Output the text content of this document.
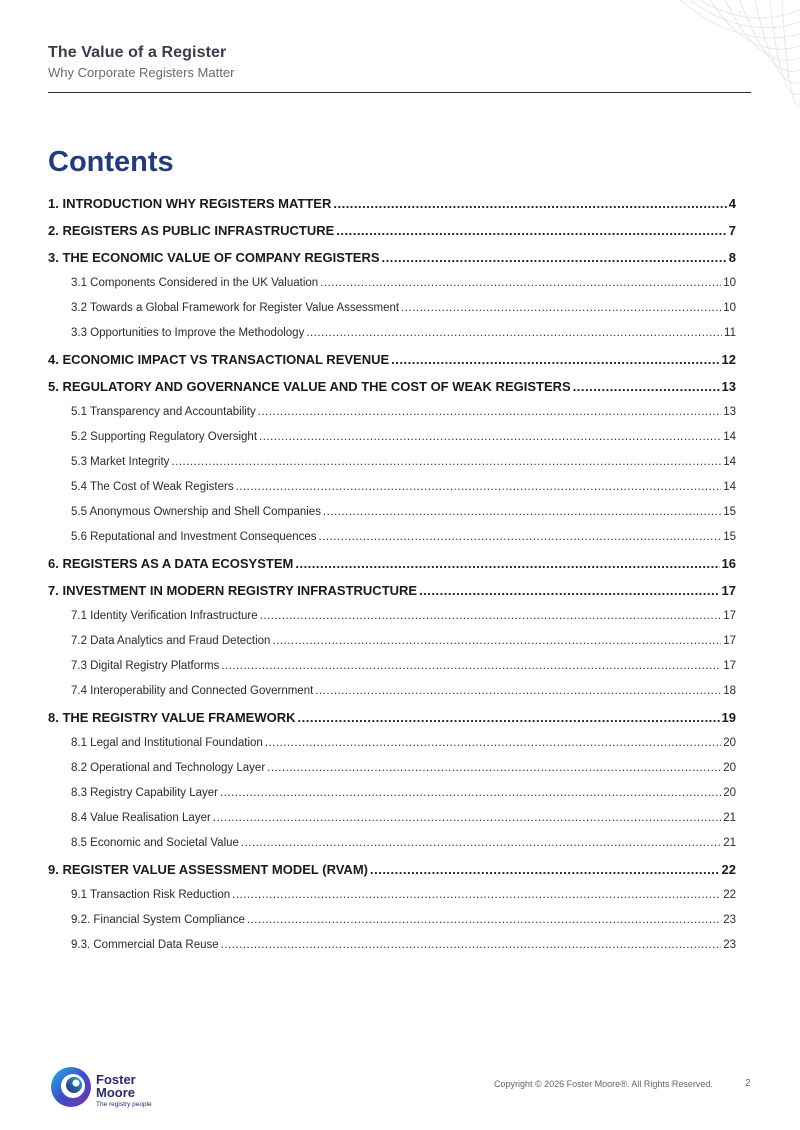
The Value of a Register
Why Corporate Registers Matter
Contents
1. INTRODUCTION WHY REGISTERS MATTER .....	4
2. REGISTERS AS PUBLIC INFRASTRUCTURE .....	7
3. THE ECONOMIC VALUE OF COMPANY REGISTERS .....	8
3.1 Components Considered in the UK Valuation .....	10
3.2 Towards a Global Framework for Register Value Assessment .....	10
3.3 Opportunities to Improve the Methodology .....	11
4. ECONOMIC IMPACT VS TRANSACTIONAL REVENUE .....	12
5. REGULATORY AND GOVERNANCE VALUE AND THE COST OF WEAK REGISTERS .....	13
5.1 Transparency and Accountability .....	13
5.2 Supporting Regulatory Oversight .....	14
5.3 Market Integrity .....	14
5.4 The Cost of Weak Registers .....	14
5.5 Anonymous Ownership and Shell Companies .....	15
5.6 Reputational and Investment Consequences .....	15
6. REGISTERS AS A DATA ECOSYSTEM .....	16
7. INVESTMENT IN MODERN REGISTRY INFRASTRUCTURE .....	17
7.1 Identity Verification Infrastructure .....	17
7.2 Data Analytics and Fraud Detection .....	17
7.3 Digital Registry Platforms .....	17
7.4 Interoperability and Connected Government .....	18
8. THE REGISTRY VALUE FRAMEWORK .....	19
8.1 Legal and Institutional Foundation .....	20
8.2 Operational and Technology Layer .....	20
8.3 Registry Capability Layer .....	20
8.4 Value Realisation Layer .....	21
8.5 Economic and Societal Value .....	21
9. REGISTER VALUE ASSESSMENT MODEL (RVAM) .....	22
9.1 Transaction Risk Reduction .....	22
9.2. Financial System Compliance .....	23
9.3. Commercial Data Reuse .....	23
Foster
Moore
The registry people
Copyright © 2026 Foster Moore®. All Rights Reserved.	2
